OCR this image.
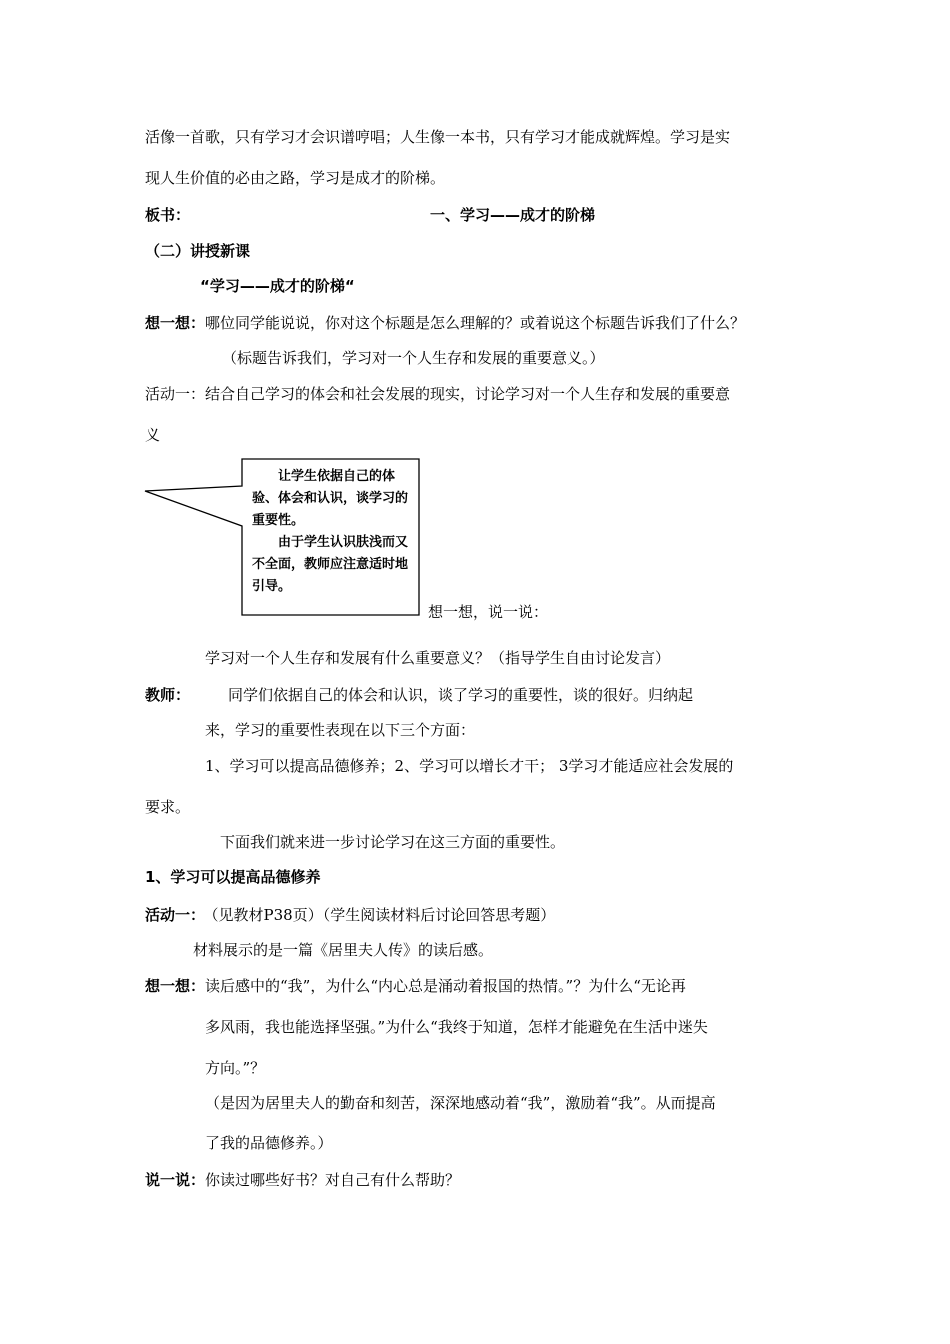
活像一首歌，只有学习才会识谱哼唱；人生像一本书，只有学习才能成就辉煌。学习是实
现人生价值的必由之路，学习是成才的阶梯。
板书：	一、学习——成才的阶梯
（二）讲授新课
“学习——成才的阶梯“
想一想：哪位同学能说说，你对这个标题是怎么理解的？或着说这个标题告诉我们了什么？
（标题告诉我们，学习对一个人生存和发展的重要意义。）
活动一：结合自己学习的体会和社会发展的现实，讨论学习对一个人生存和发展的重要意
义

让学生依据自己的体验、体会和认识，谈学习的重要性。

由于学生认识肤浅而又不全面，教师应注意适时地引导。

想一想，说一说：
学习对一个人生存和发展有什么重要意义？（指导学生自由讨论发言）
教师：	同学们依据自己的体会和认识，谈了学习的重要性，谈的很好。归纳起
来，学习的重要性表现在以下三个方面：
1、学习可以提高品德修养；2、学习可以增长才干； 3学习才能适应社会发展的
要求。
下面我们就来进一步讨论学习在这三方面的重要性。
1、学习可以提高品德修养
活动一： （见教材P38页）（学生阅读材料后讨论回答思考题）
材料展示的是一篇《居里夫人传》的读后感。
想一想：读后感中的“我”，为什么“内心总是涌动着报国的热情。”？为什么“无论再
多风雨，我也能选择坚强。”为什么“我终于知道，怎样才能避免在生活中迷失
方向。”？
（是因为居里夫人的勤奋和刻苦，深深地感动着“我”，激励着“我”。从而提高
了我的品德修养。）
说一说：你读过哪些好书？对自己有什么帮助？
